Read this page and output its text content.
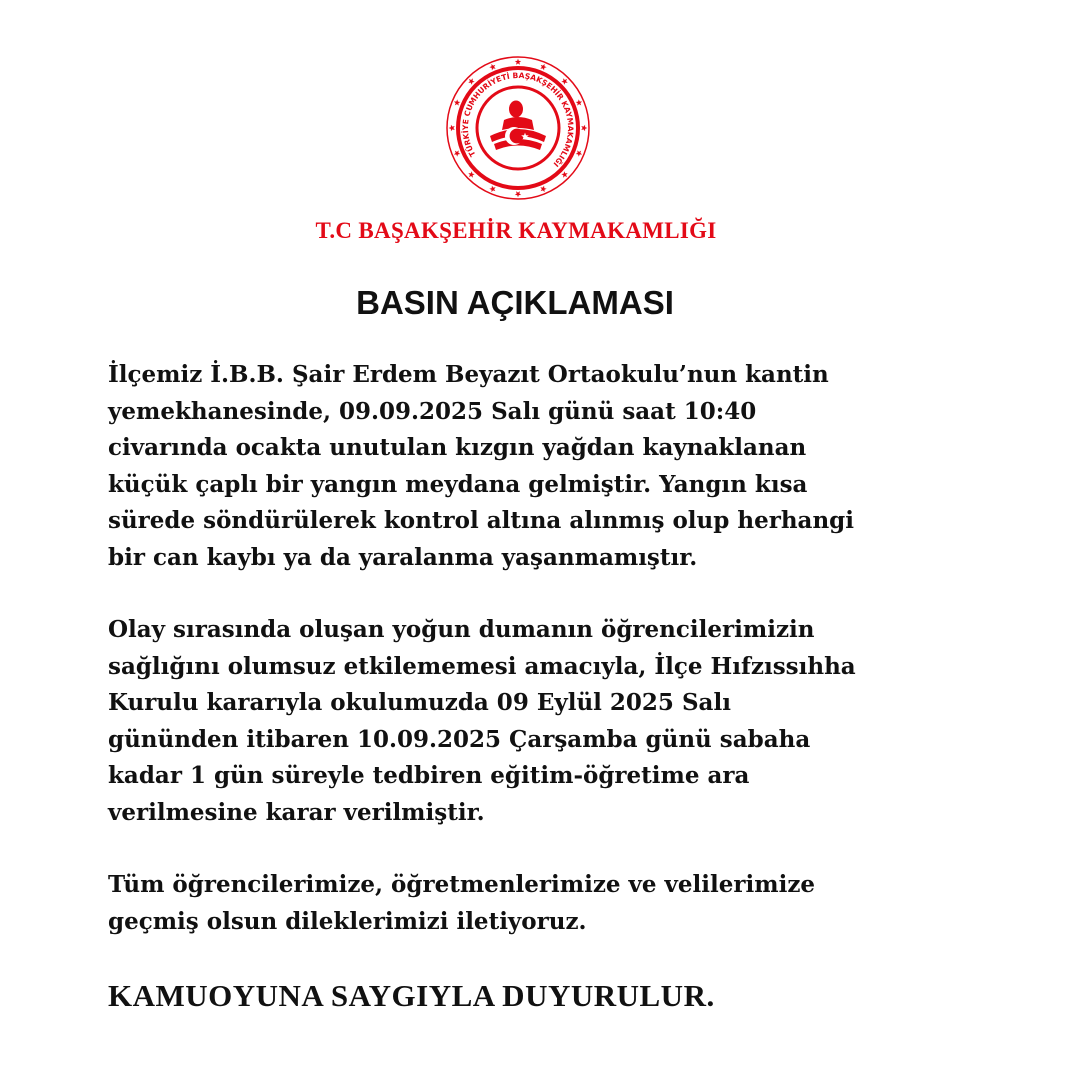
TÜRKİYE CUMHURİYETİ BAŞAKŞEHİR KAYMAKAMLIĞI
T.C BAŞAKŞEHİR KAYMAKAMLIĞI
BASIN AÇIKLAMASI

İlçemiz İ.B.B. Şair Erdem Beyazıt Ortaokulu’nun kantin
yemekhanesinde, 09.09.2025 Salı günü saat 10:40
civarında ocakta unutulan kızgın yağdan kaynaklanan
küçük çaplı bir yangın meydana gelmiştir. Yangın kısa
sürede söndürülerek kontrol altına alınmış olup herhangi
bir can kaybı ya da yaralanma yaşanmamıştır.

Olay sırasında oluşan yoğun dumanın öğrencilerimizin
sağlığını olumsuz etkilememesi amacıyla, İlçe Hıfzıssıhha
Kurulu kararıyla okulumuzda 09 Eylül 2025 Salı
gününden itibaren 10.09.2025 Çarşamba günü sabaha
kadar 1 gün süreyle tedbiren eğitim-öğretime ara
verilmesine karar verilmiştir.

Tüm öğrencilerimize, öğretmenlerimize ve velilerimize
geçmiş olsun dileklerimizi iletiyoruz.

KAMUOYUNA SAYGIYLA DUYURULUR.
